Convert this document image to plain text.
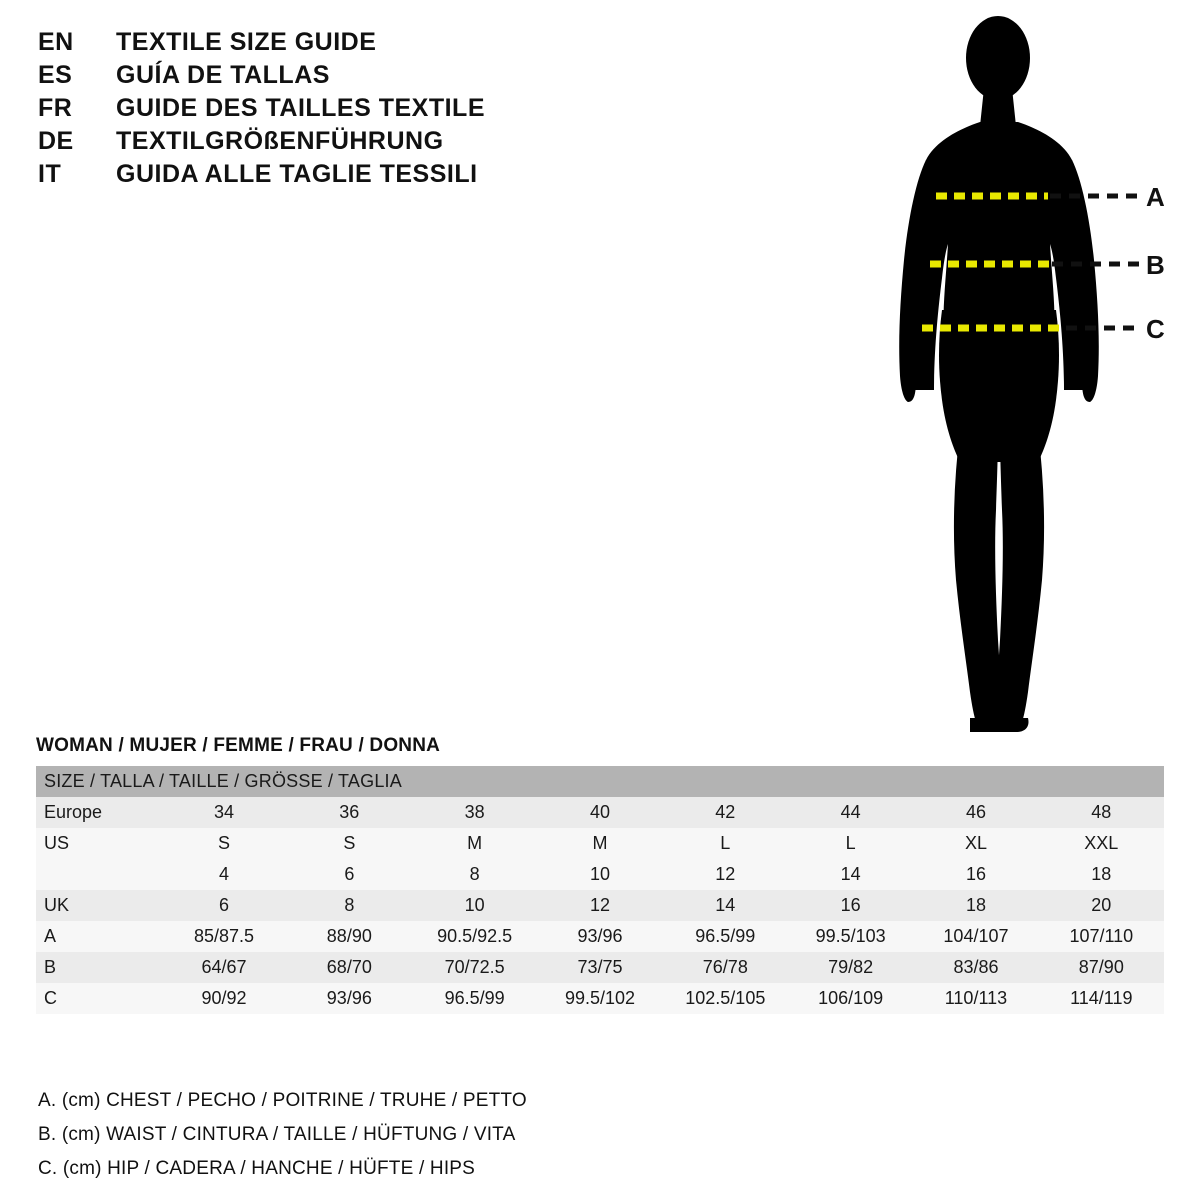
EN	TEXTILE SIZE GUIDE
ES	GUÍA DE TALLAS
FR	GUIDE DES TAILLES TEXTILE
DE	TEXTILGRÖßENFÜHRUNG
IT	GUIDA ALLE TAGLIE TESSILI
A
B
C
WOMAN / MUJER / FEMME / FRAU / DONNA
SIZE / TALLA / TAILLE / GRÖSSE / TAGLIA								
Europe	34	36	38	40	42	44	46	48
US	S	S	M	M	L	L	XL	XXL
	4	6	8	10	12	14	16	18
UK	6	8	10	12	14	16	18	20
A	85/87.5	88/90	90.5/92.5	93/96	96.5/99	99.5/103	104/107	107/110
B	64/67	68/70	70/72.5	73/75	76/78	79/82	83/86	87/90
C	90/92	93/96	96.5/99	99.5/102	102.5/105	106/109	110/113	114/119
A. (cm) CHEST / PECHO / POITRINE / TRUHE / PETTO
B. (cm) WAIST / CINTURA / TAILLE / HÜFTUNG / VITA
C. (cm) HIP / CADERA / HANCHE / HÜFTE / HIPS
